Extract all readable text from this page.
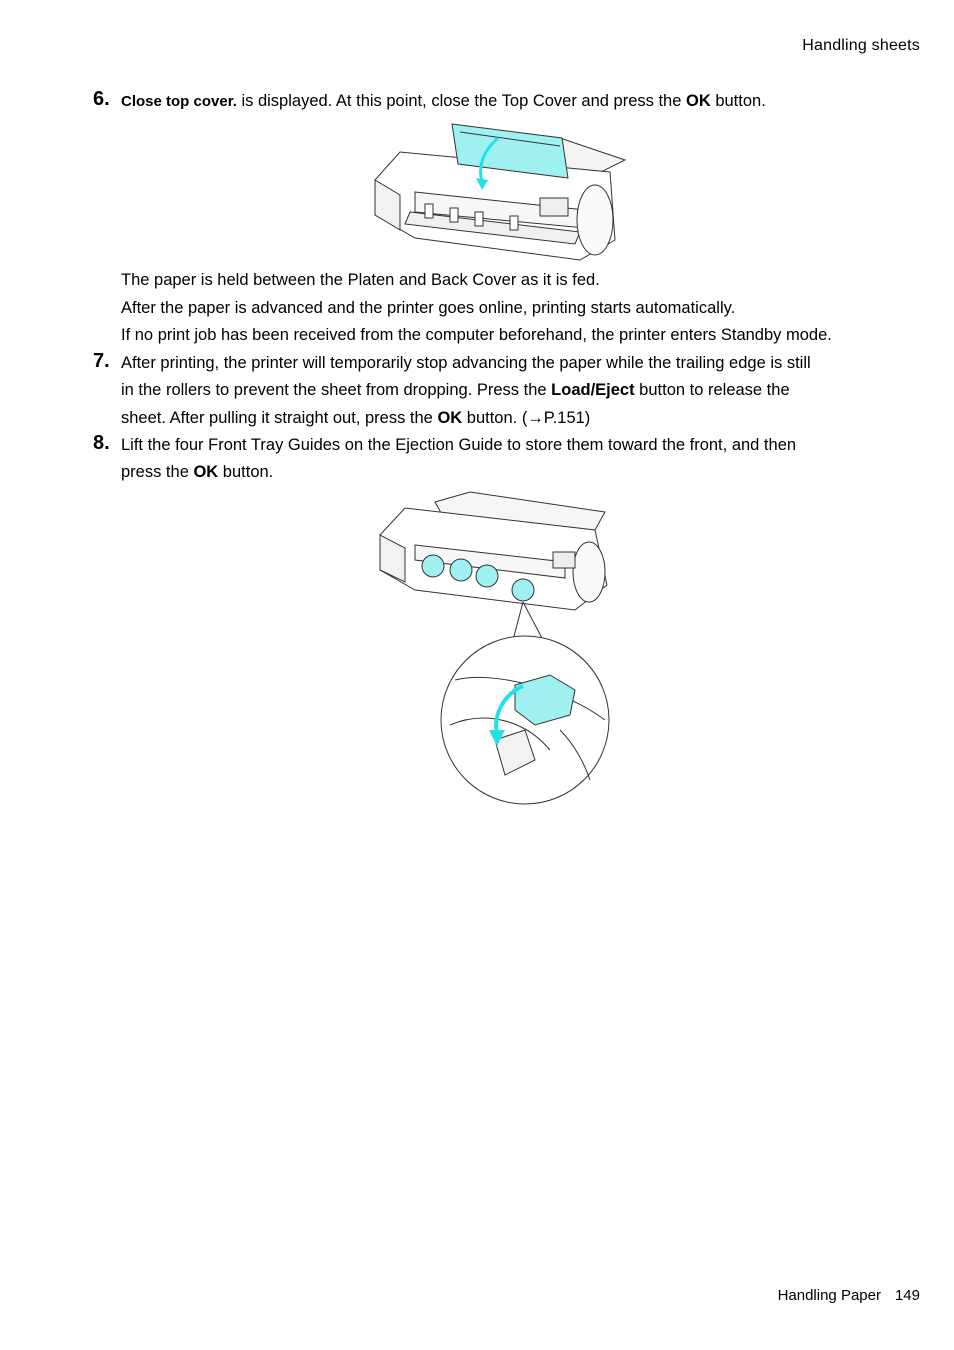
Handling sheets
6. Close top cover. is displayed. At this point, close the Top Cover and press the OK button.
The paper is held between the Platen and Back Cover as it is fed.
After the paper is advanced and the printer goes online, printing starts automatically.
If no print job has been received from the computer beforehand, the printer enters Standby mode.
7. After printing, the printer will temporarily stop advancing the paper while the trailing edge is still
in the rollers to prevent the sheet from dropping. Press the Load/Eject button to release the
sheet. After pulling it straight out, press the OK button. (→P.151)
8. Lift the four Front Tray Guides on the Ejection Guide to store them toward the front, and then
press the OK button.
Handling Paper 149
